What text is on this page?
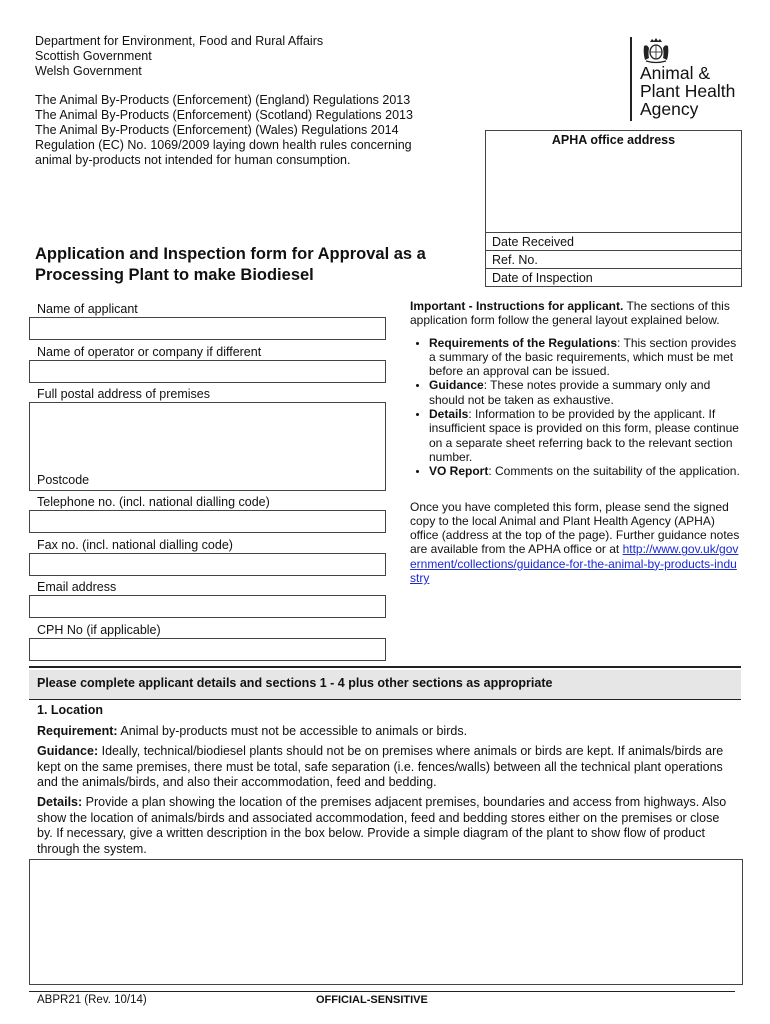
Department for Environment, Food and Rural Affairs
Scottish Government
Welsh Government
The Animal By-Products (Enforcement) (England) Regulations 2013
The Animal By-Products (Enforcement) (Scotland) Regulations 2013
The Animal By-Products (Enforcement) (Wales) Regulations 2014
Regulation (EC) No. 1069/2009 laying down health rules concerning
animal by-products not intended for human consumption.
Animal &
Plant Health
Agency
APHA office address
Date Received
Ref. No.
Date of Inspection
Application and Inspection form for Approval as a
Processing Plant to make Biodiesel
Name of applicant
Name of operator or company if different
Full postal address of premises
Postcode
Telephone no. (incl. national dialling code)
Fax no. (incl. national dialling code)
Email address
CPH No (if applicable)
Important - Instructions for applicant. The sections of this application form follow the general layout explained below.
• Requirements of the Regulations: This section provides a summary of the basic requirements, which must be met before an approval can be issued.
• Guidance: These notes provide a summary only and should not be taken as exhaustive.
• Details: Information to be provided by the applicant. If insufficient space is provided on this form, please continue on a separate sheet referring back to the relevant section number.
• VO Report: Comments on the suitability of the application.
Once you have completed this form, please send the signed copy to the local Animal and Plant Health Agency (APHA) office (address at the top of the page). Further guidance notes are available from the APHA office or at http://www.gov.uk/government/collections/guidance-for-the-animal-by-products-industry
Please complete applicant details and sections 1 - 4 plus other sections as appropriate
1. Location
Requirement: Animal by-products must not be accessible to animals or birds.
Guidance: Ideally, technical/biodiesel plants should not be on premises where animals or birds are kept. If animals/birds are kept on the same premises, there must be total, safe separation (i.e. fences/walls) between all the technical plant operations and the animals/birds, and also their accommodation, feed and bedding.
Details: Provide a plan showing the location of the premises adjacent premises, boundaries and access from highways. Also show the location of animals/birds and associated accommodation, feed and bedding stores either on the premises or close by. If necessary, give a written description in the box below. Provide a simple diagram of the plant to show flow of product through the system.
ABPR21 (Rev. 10/14)	OFFICIAL-SENSITIVE
